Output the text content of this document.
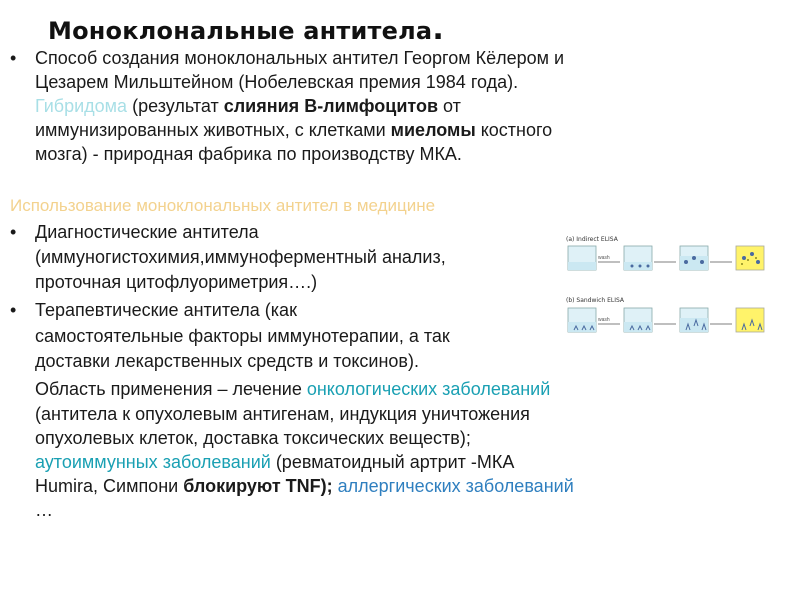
Моноклональные антитела.
• Способ создания моноклональных антител Георгом Кёлером и
Цезарем Мильштейном (Нобелевская премия 1984 года).
Гибридома (результат слияния В-лимфоцитов от
иммунизированных животных, с клетками миеломы костного
мозга) - природная фабрика по производству МКА.
Использование моноклональных антител в медицине
• Диагностические антитела
(иммуногистохимия,иммуноферментный анализ,
проточная цитофлуориметрия….)
• Терапевтические антитела (как
самостоятельные факторы иммунотерапии, а так
доставки лекарственных средств и токсинов).
Область применения – лечение онкологических заболеваний
(антитела к опухолевым антигенам, индукция уничтожения
опухолевых клеток, доставка токсических веществ);
аутоиммунных заболеваний (ревматоидный артрит -МКА
Humira, Симпони блокируют TNF); аллергических заболеваний
…
(a) Indirect ELISA
(b) Sandwich ELISA
wash
wash
